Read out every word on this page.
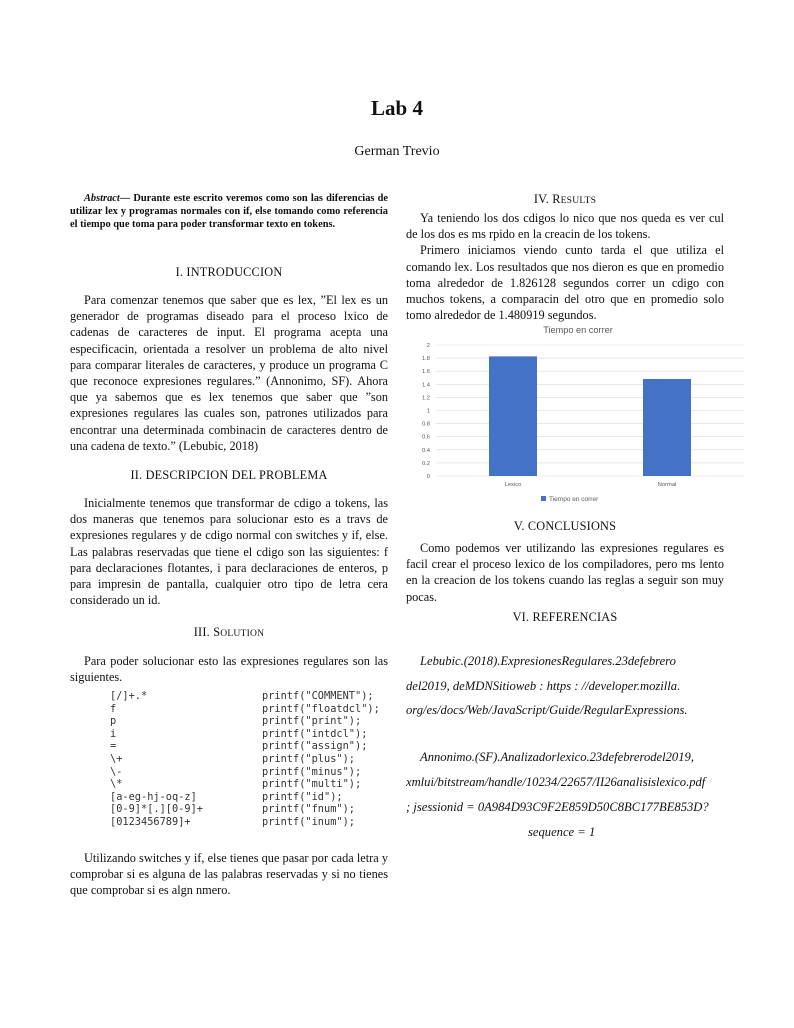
Lab 4
German Trevio

Abstract— Durante este escrito veremos como son las diferencias de utilizar lex y programas normales con if, else tomando como referencia el tiempo que toma para poder transformar texto en tokens.

I. INTRODUCCION

Para comenzar tenemos que saber que es lex, ”El lex es un generador de programas diseado para el proceso lxico de cadenas de caracteres de input. El programa acepta una especificacin, orientada a resolver un problema de alto nivel para comparar literales de caracteres, y produce un programa C que reconoce expresiones regulares.” (Annonimo, SF). Ahora que ya sabemos que es lex tenemos que saber que ”son expresiones regulares las cuales son, patrones utilizados para encontrar una determinada combinacin de caracteres dentro de una cadena de texto.” (Lebubic, 2018)

II. DESCRIPCION DEL PROBLEMA

Inicialmente tenemos que transformar de cdigo a tokens, las dos maneras que tenemos para solucionar esto es a travs de expresiones regulares y de cdigo normal con switches y if, else. Las palabras reservadas que tiene el cdigo son las siguientes: f para declaraciones flotantes, i para declaraciones de enteros, p para impresin de pantalla, cualquier otro tipo de letra cera considerado un id.

III. SOLUTION

Para poder solucionar esto las expresiones regulares son las siguientes.

[/]+.*
f
p
i
=
\+
\-
\*
[a-eg-hj-oq-z]
[0-9]*[.][0-9]+
[0123456789]+
printf("COMMENT");
printf("floatdcl");
printf("print");
printf("intdcl");
printf("assign");
printf("plus");
printf("minus");
printf("multi");
printf("id");
printf("fnum");
printf("inum");

Utilizando switches y if, else tienes que pasar por cada letra y comprobar si es alguna de las palabras reservadas y si no tienes que comprobar si es algn nmero.

IV. RESULTS

Ya teniendo los dos cdigos lo nico que nos queda es ver cul de los dos es ms rpido en la creacin de los tokens.

Primero iniciamos viendo cunto tarda el que utiliza el comando lex. Los resultados que nos dieron es que en promedio toma alrededor de 1.826128 segundos correr un cdigo con muchos tokens, a comparacin del otro que en promedio solo tomo alrededor de 1.480919 segundos.

0
0.2
0.4
0.6
0.8
1
1.2
1.4
1.6
1.8
2
Lexico	Normal
Tiempo en correr
Tiempo en correr
V. CONCLUSIONS

Como podemos ver utilizando las expresiones regulares es facil crear el proceso lexico de los compiladores, pero ms lento en la creacion de los tokens cuando las reglas a seguir son muy pocas.

VI. REFERENCIAS
Lebubic.(2018).ExpresionesRegulares.23defebrero
del2019, deMDNSitioweb : https : //developer.mozilla.
org/es/docs/Web/JavaScript/Guide/RegularExpressions.
Annonimo.(SF).Analizadorlexico.23defebrerodel2019,
xmlui/bitstream/handle/10234/22657/II26analisislexico.pdf
; jsessionid = 0A984D93C9F2E859D50C8BC177BE853D?
sequence = 1
